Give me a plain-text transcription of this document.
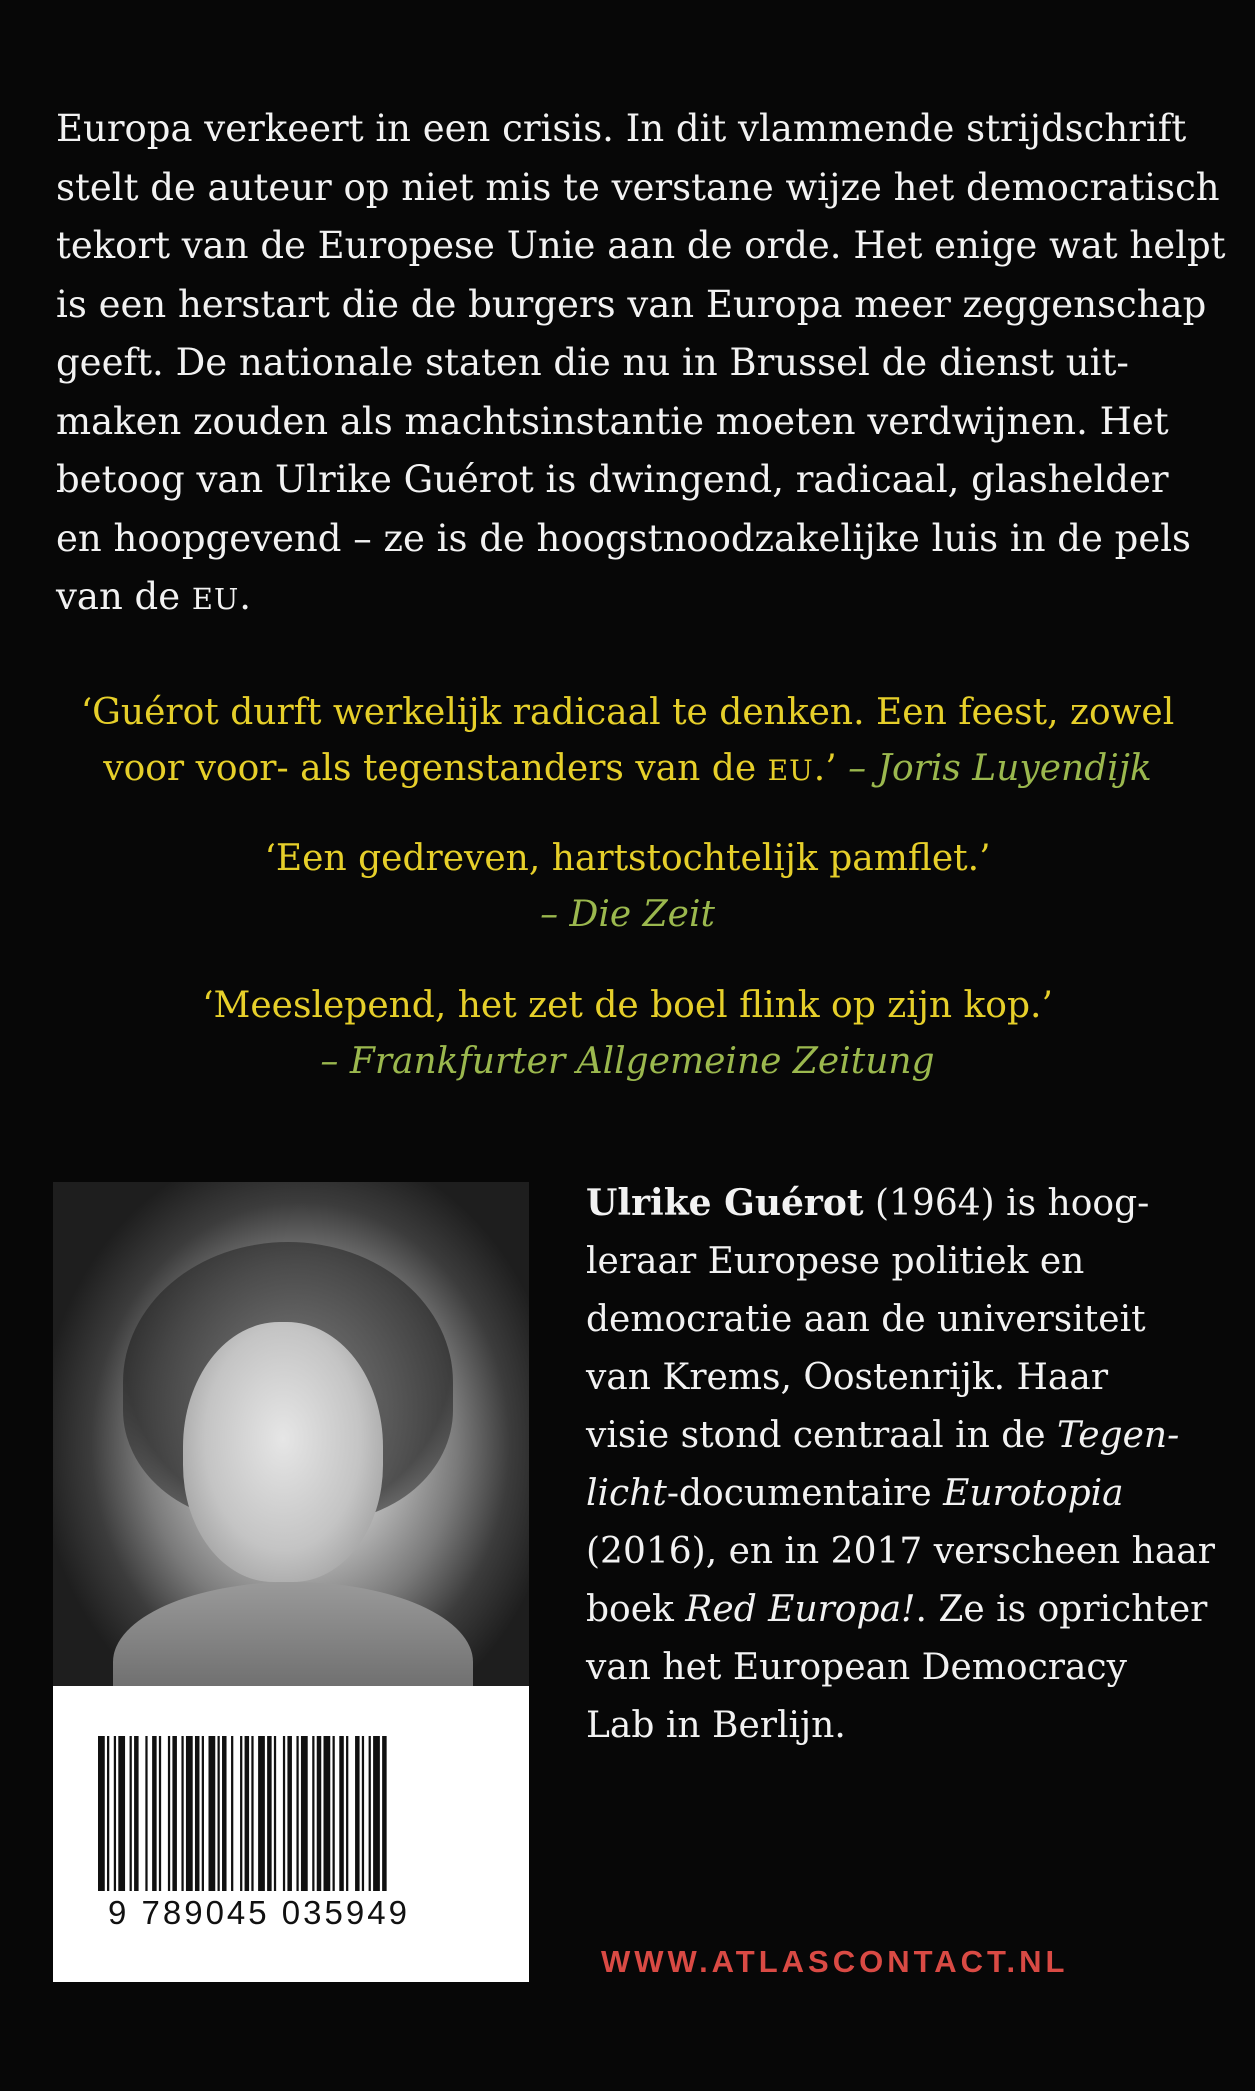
Europa verkeert in een crisis. In dit vlammende strijdschrift
stelt de auteur op niet mis te verstane wijze het democratisch
tekort van de Europese Unie aan de orde. Het enige wat helpt
is een herstart die de burgers van Europa meer zeggenschap
geeft. De nationale staten die nu in Brussel de dienst uit-
maken zouden als machtsinstantie moeten verdwijnen. Het
betoog van Ulrike Guérot is dwingend, radicaal, glashelder
en hoopgevend – ze is de hoogstnoodzakelijke luis in de pels
van de EU.
‘Guérot durft werkelijk radicaal te denken. Een feest, zowel
voor voor- als tegenstanders van de EU.’ – Joris Luyendijk
‘Een gedreven, hartstochtelijk pamflet.’
– Die Zeit
‘Meeslepend, het zet de boel flink op zijn kop.’
– Frankfurter Allgemeine Zeitung
9 789045 035949
Ulrike Guérot (1964) is hoog-
leraar Europese politiek en
democratie aan de universiteit
van Krems, Oostenrijk. Haar
visie stond centraal in de Tegen-
licht-documentaire Eurotopia
(2016), en in 2017 verscheen haar
boek Red Europa!. Ze is oprichter
van het European Democracy
Lab in Berlijn.
WWW.ATLASCONTACT.NL
